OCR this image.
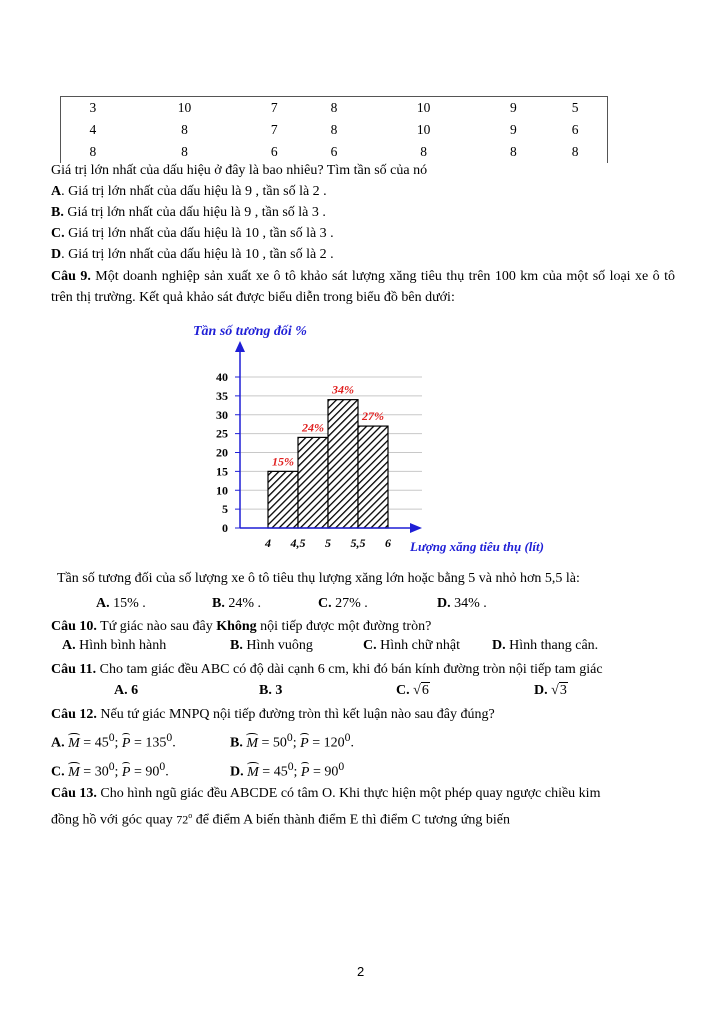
3	10	7	8	10	9	5
4	8	7	8	10	9	6
8	8	6	6	8	8	8
Giá trị lớn nhất của dấu hiệu ở đây là bao nhiêu? Tìm tần số của nó
A. Giá trị lớn nhất của dấu hiệu là 9 , tần số là 2 .
B. Giá trị lớn nhất của dấu hiệu là 9 , tần số là 3 .
C. Giá trị lớn nhất của dấu hiệu là 10 , tần số là 3 .
D. Giá trị lớn nhất của dấu hiệu là 10 , tần số là 2 .
Câu 9. Một doanh nghiệp sản xuất xe ô tô khảo sát lượng xăng tiêu thụ trên 100 km của một số loại xe ô tô trên thị trường. Kết quả khảo sát được biểu diễn trong biểu đồ bên dưới:
15%
24%
34%
27%
0
5
10
15
20
25
30
35
40
4 4,5 5 5,5 6
Tần số tương đối %
Lượng xăng tiêu thụ (lít)
Tần số tương đối của số lượng xe ô tô tiêu thụ lượng xăng lớn hoặc bằng 5 và nhỏ hơn 5,5 là:
A. 15% .	B. 24% .	C. 27% .	D. 34% .
Câu 10. Tứ giác nào sau đây Không nội tiếp được một đường tròn?
A. Hình bình hành	B. Hình vuông	C. Hình chữ nhật D. Hình thang cân.
Câu 11. Cho tam giác đều ABC có độ dài cạnh 6 cm, khi đó bán kính đường tròn nội tiếp tam giác
A. 6	B. 3	C. √6	D. √3
Câu 12. Nếu tứ giác MNPQ nội tiếp đường tròn thì kết luận nào sau đây đúng?
A. $M = 45^0$; $P = 135^0$.	B. $M = 50^0$; $P = 120^0$.
C. $M = 30^0$; $P = 90^0$.	D. $M = 45^0$; $P = 90^0$
Câu 13. Cho hình ngũ giác đều ABCDE có tâm O. Khi thực hiện một phép quay ngược chiều kim
đồng hồ với góc quay 72$^o$ để điểm A biến thành điểm E thì điểm C tương ứng biến
2
